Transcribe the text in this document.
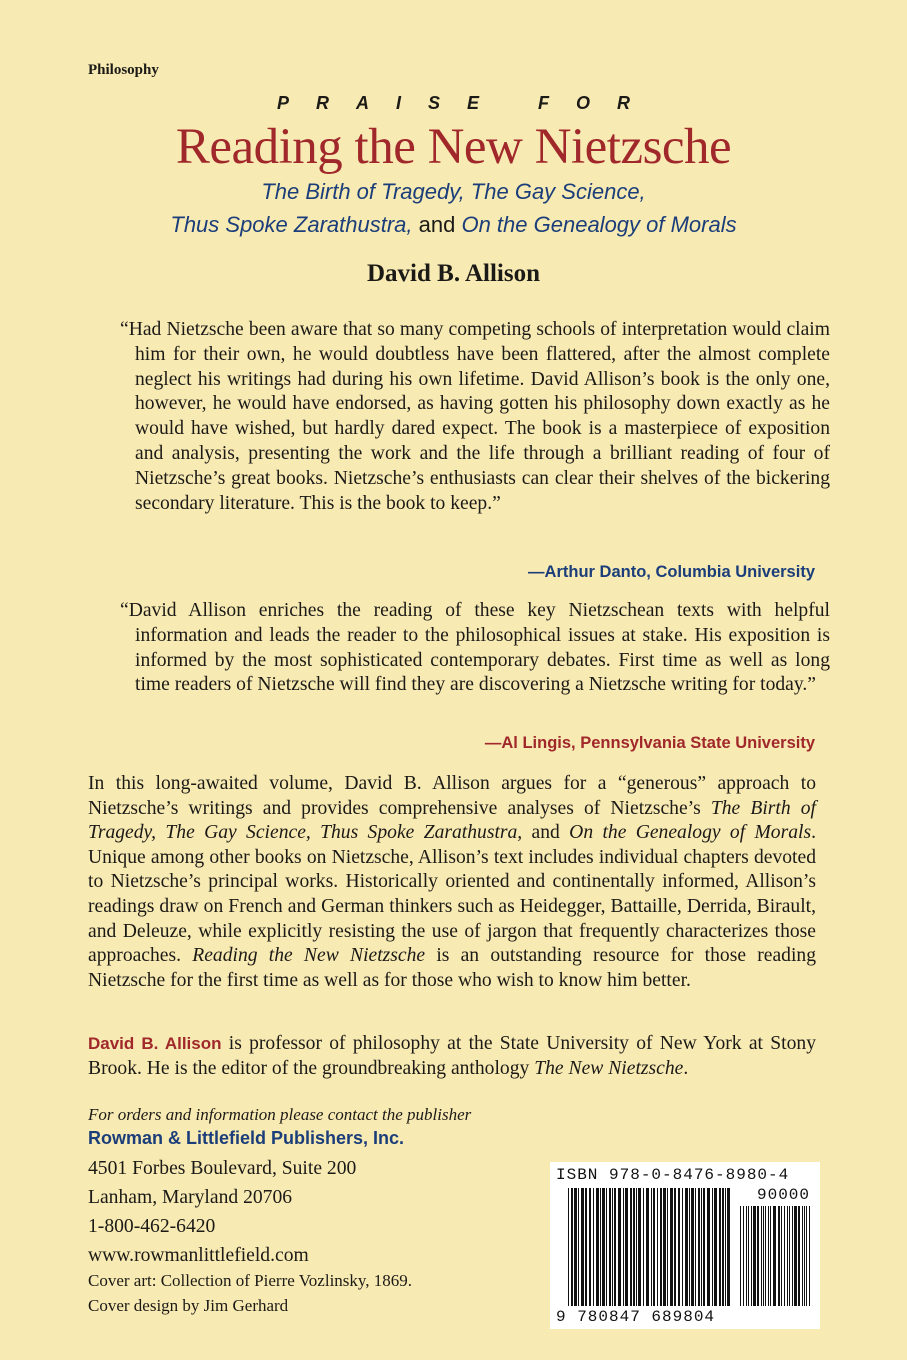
Philosophy
PRAISE FOR
Reading the New Nietzsche
The Birth of Tragedy, The Gay Science,
Thus Spoke Zarathustra, and On the Genealogy of Morals
David B. Allison

“Had Nietzsche been aware that so many competing schools of interpretation would claim him for their own, he would doubtless have been flattered, after the almost complete neglect his writings had during his own lifetime. David Allison’s book is the only one, however, he would have endorsed, as having gotten his philosophy down exactly as he would have wished, but hardly dared expect. The book is a masterpiece of exposition and analysis, presenting the work and the life through a brilliant reading of four of Nietzsche’s great books. Nietzsche’s enthusiasts can clear their shelves of the bickering secondary literature. This is the book to keep.”

—Arthur Danto, Columbia University

“David Allison enriches the reading of these key Nietzschean texts with helpful information and leads the reader to the philosophical issues at stake. His exposition is informed by the most sophisticated contemporary debates. First time as well as long time readers of Nietzsche will find they are discovering a Nietzsche writing for today.”

—Al Lingis, Pennsylvania State University
In this long-awaited volume, David B. Allison argues for a “generous” approach to Nietzsche’s writings and provides comprehensive analyses of Nietzsche’s The Birth of Tragedy, The Gay Science, Thus Spoke Zarathustra, and On the Genealogy of Morals. Unique among other books on Nietzsche, Allison’s text includes individual chapters devoted to Nietzsche’s principal works. Historically oriented and continentally informed, Allison’s readings draw on French and German thinkers such as Heidegger, Battaille, Derrida, Birault, and Deleuze, while explicitly resisting the use of jargon that frequently characterizes those approaches. Reading the New Nietzsche is an outstanding resource for those reading Nietzsche for the first time as well as for those who wish to know him better.
David B. Allison is professor of philosophy at the State University of New York at Stony Brook. He is the editor of the groundbreaking anthology The New Nietzsche.
For orders and information please contact the publisher
Rowman & Littlefield Publishers, Inc.
4501 Forbes Boulevard, Suite 200
Lanham, Maryland 20706
1-800-462-6420
www.rowmanlittlefield.com
Cover art: Collection of Pierre Vozlinsky, 1869.
Cover design by Jim Gerhard
ISBN 978-0-8476-8980-4
90000
9 780847 689804
